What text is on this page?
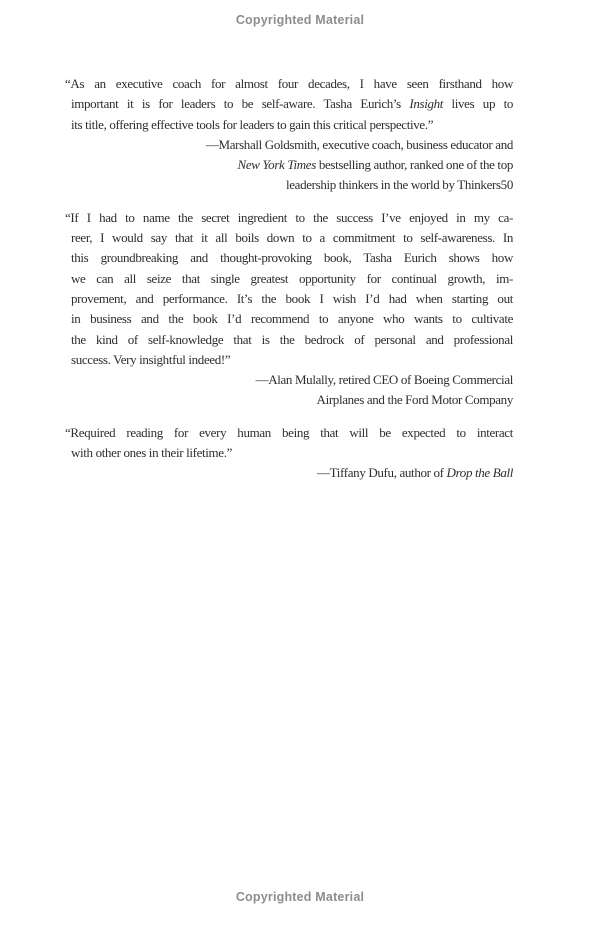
Copyrighted Material
“As an executive coach for almost four decades, I have seen firsthand how
important it is for leaders to be self-aware. Tasha Eurich’s Insight lives up to
its title, offering effective tools for leaders to gain this critical perspective.”
—Marshall Goldsmith, executive coach, business educator and
New York Times bestselling author, ranked one of the top
leadership thinkers in the world by Thinkers50
“If I had to name the secret ingredient to the success I’ve enjoyed in my ca-
reer, I would say that it all boils down to a commitment to self-awareness. In
this groundbreaking and thought-provoking book, Tasha Eurich shows how
we can all seize that single greatest opportunity for continual growth, im-
provement, and performance. It’s the book I wish I’d had when starting out
in business and the book I’d recommend to anyone who wants to cultivate
the kind of self-knowledge that is the bedrock of personal and professional
success. Very insightful indeed!”
—Alan Mulally, retired CEO of Boeing Commercial
Airplanes and the Ford Motor Company
“Required reading for every human being that will be expected to interact
with other ones in their lifetime.”
—Tiffany Dufu, author of Drop the Ball
Copyrighted Material
